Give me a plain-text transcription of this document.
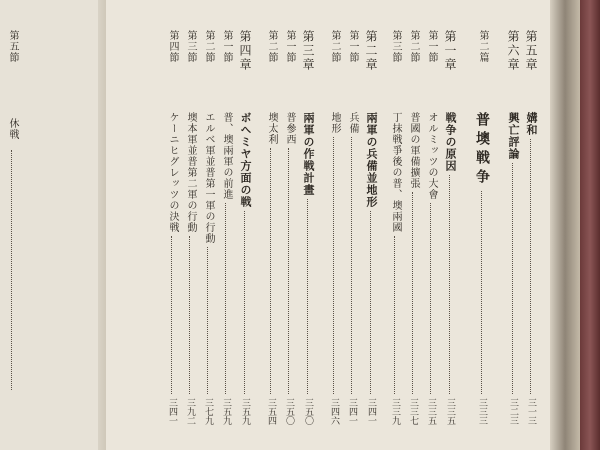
第五節
休戦
第五章
媾和
三一三
第六章
興亡評論
三二三
第二篇
普墺戦争
三三三
第一章
戦争の原因
三三五
第一節
オルミッツの大會
三三五
第二節
普國の軍備擴張
三三七
第三節
丁抹戦爭後の普、墺兩國
三三九
第二章
兩軍の兵備並地形
三四一
第一節
兵備
三四一
第二節
地形
三四六
第三章
兩軍の作戦計畫
三五〇
第一節
普參西
三五〇
第二節
墺太利
三五四
第四章
ボヘミヤ方面の戦
三五九
第一節
普、墺兩軍の前進
三五九
第二節
エルベ軍並普第一軍の行動
三七九
第三節
墺本軍並普第二軍の行動
三九二
第四節
ケーニヒグレッツの決戦
三四一
